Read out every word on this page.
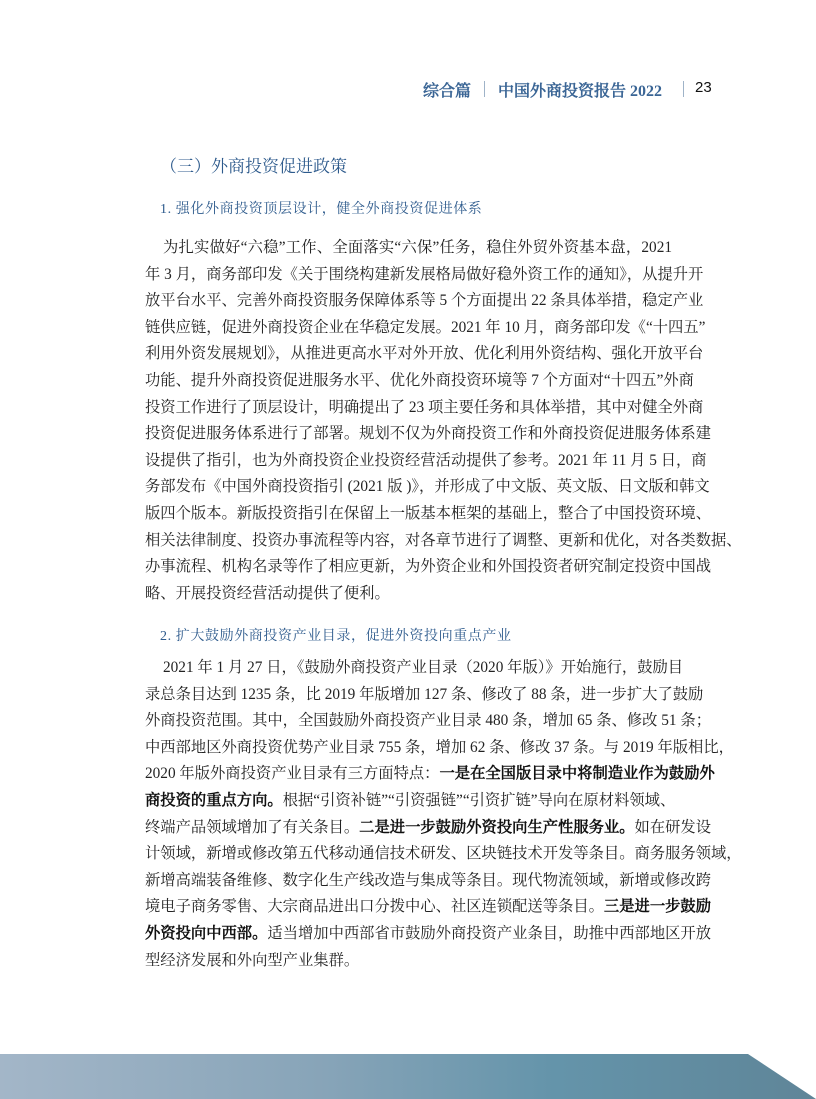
综合篇 中国外商投资报告 2022 23
（三）外商投资促进政策
1. 强化外商投资顶层设计，健全外商投资促进体系
为扎实做好“六稳”工作、全面落实“六保”任务，稳住外贸外资基本盘，2021
年 3 月，商务部印发《关于围绕构建新发展格局做好稳外资工作的通知》，从提升开
放平台水平、完善外商投资服务保障体系等 5 个方面提出 22 条具体举措，稳定产业
链供应链，促进外商投资企业在华稳定发展。2021 年 10 月，商务部印发《“十四五”
利用外资发展规划》，从推进更高水平对外开放、优化利用外资结构、强化开放平台
功能、提升外商投资促进服务水平、优化外商投资环境等 7 个方面对“十四五”外商
投资工作进行了顶层设计，明确提出了 23 项主要任务和具体举措，其中对健全外商
投资促进服务体系进行了部署。规划不仅为外商投资工作和外商投资促进服务体系建
设提供了指引，也为外商投资企业投资经营活动提供了参考。2021 年 11 月 5 日，商
务部发布《中国外商投资指引 (2021 版 )》，并形成了中文版、英文版、日文版和韩文
版四个版本。新版投资指引在保留上一版基本框架的基础上，整合了中国投资环境、
相关法律制度、投资办事流程等内容，对各章节进行了调整、更新和优化，对各类数据、
办事流程、机构名录等作了相应更新，为外资企业和外国投资者研究制定投资中国战
略、开展投资经营活动提供了便利。
2. 扩大鼓励外商投资产业目录，促进外资投向重点产业
2021 年 1 月 27 日，《鼓励外商投资产业目录（2020 年版）》开始施行，鼓励目
录总条目达到 1235 条，比 2019 年版增加 127 条、修改了 88 条，进一步扩大了鼓励
外商投资范围。其中，全国鼓励外商投资产业目录 480 条，增加 65 条、修改 51 条；
中西部地区外商投资优势产业目录 755 条，增加 62 条、修改 37 条。与 2019 年版相比，
2020 年版外商投资产业目录有三方面特点：一是在全国版目录中将制造业作为鼓励外
商投资的重点方向。根据“引资补链”“引资强链”“引资扩链”导向在原材料领域、
终端产品领域增加了有关条目。二是进一步鼓励外资投向生产性服务业。如在研发设
计领域，新增或修改第五代移动通信技术研发、区块链技术开发等条目。商务服务领域，
新增高端装备维修、数字化生产线改造与集成等条目。现代物流领域，新增或修改跨
境电子商务零售、大宗商品进出口分拨中心、社区连锁配送等条目。三是进一步鼓励
外资投向中西部。适当增加中西部省市鼓励外商投资产业条目，助推中西部地区开放
型经济发展和外向型产业集群。
